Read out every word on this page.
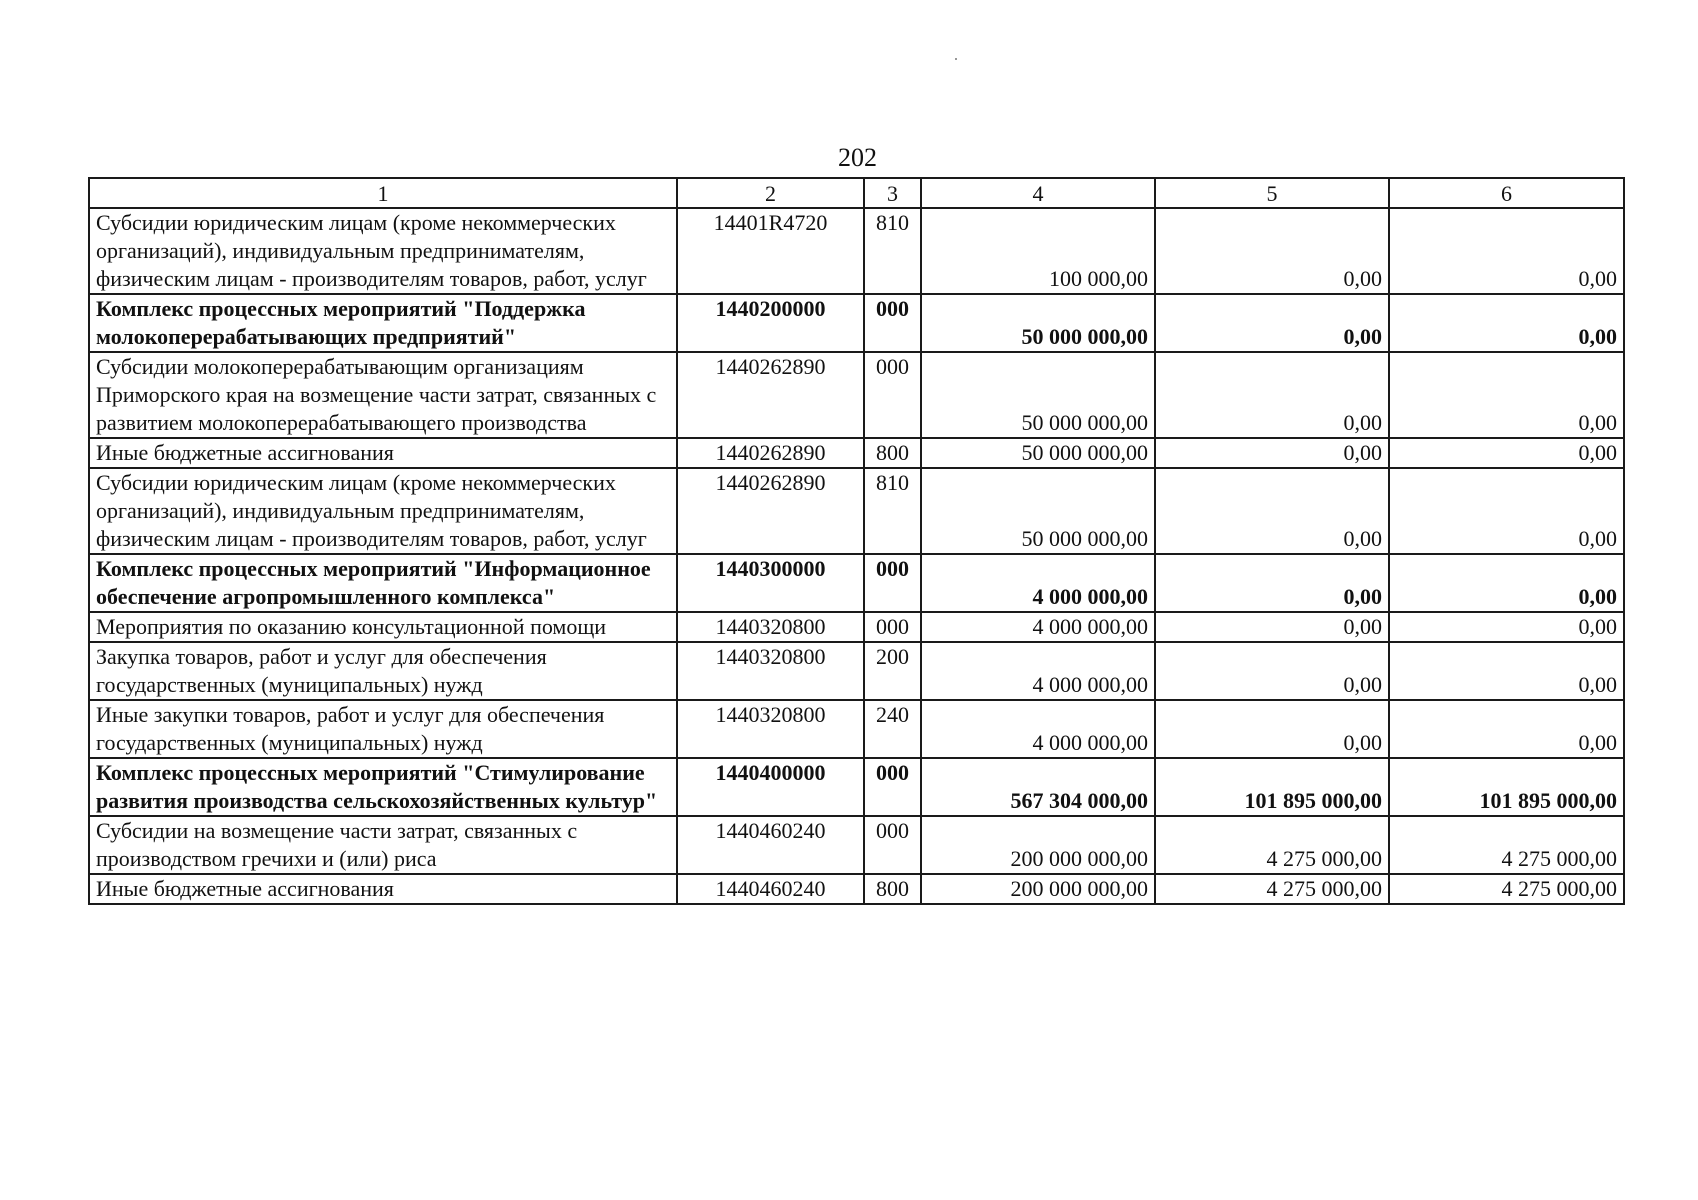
202
1	2	3	4	5	6
Субсидии юридическим лицам (кроме некоммерческих организаций), индивидуальным предпринимателям, физическим лицам - производителям товаров, работ, услуг	14401R4720	810	100 000,00	0,00	0,00
Комплекс процессных мероприятий "Поддержка молокоперерабатывающих предприятий"	1440200000	000	50 000 000,00	0,00	0,00
Субсидии молокоперерабатывающим организациям Приморского края на возмещение части затрат, связанных с развитием молокоперерабатывающего производства	1440262890	000	50 000 000,00	0,00	0,00
Иные бюджетные ассигнования	1440262890	800	50 000 000,00	0,00	0,00
Субсидии юридическим лицам (кроме некоммерческих организаций), индивидуальным предпринимателям, физическим лицам - производителям товаров, работ, услуг	1440262890	810	50 000 000,00	0,00	0,00
Комплекс процессных мероприятий "Информационное обеспечение агропромышленного комплекса"	1440300000	000	4 000 000,00	0,00	0,00
Мероприятия по оказанию консультационной помощи	1440320800	000	4 000 000,00	0,00	0,00
Закупка товаров, работ и услуг для обеспечения государственных (муниципальных) нужд	1440320800	200	4 000 000,00	0,00	0,00
Иные закупки товаров, работ и услуг для обеспечения государственных (муниципальных) нужд	1440320800	240	4 000 000,00	0,00	0,00
Комплекс процессных мероприятий "Стимулирование развития производства сельскохозяйственных культур"	1440400000	000	567 304 000,00	101 895 000,00	101 895 000,00
Субсидии на возмещение части затрат, связанных с производством гречихи и (или) риса	1440460240	000	200 000 000,00	4 275 000,00	4 275 000,00
Иные бюджетные ассигнования	1440460240	800	200 000 000,00	4 275 000,00	4 275 000,00
